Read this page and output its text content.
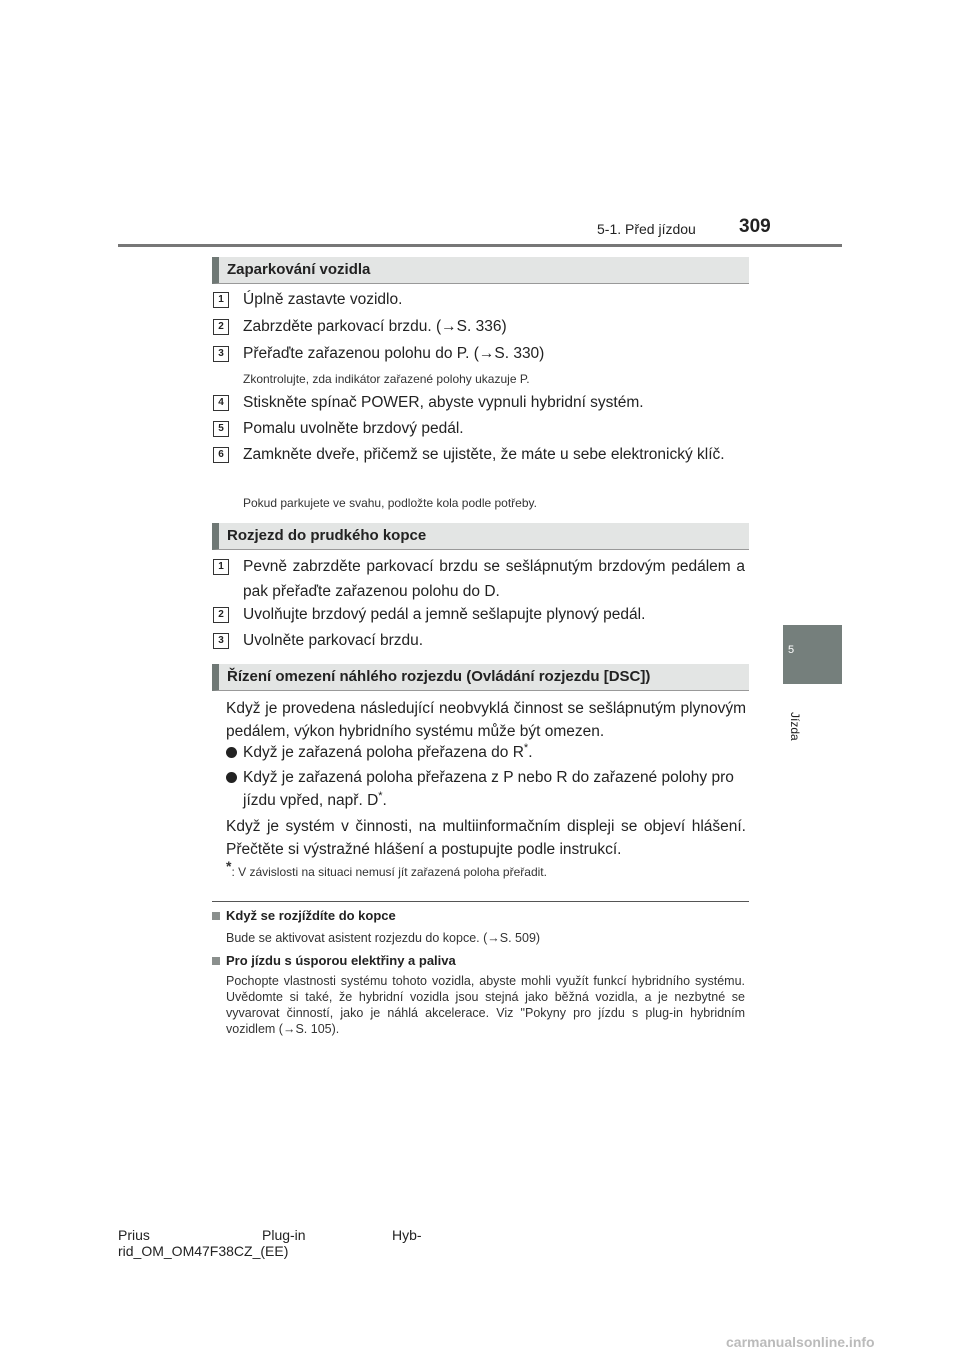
5-1. Před jízdou 309
5
Jízda
Zaparkování vozidla
1	Úplně zastavte vozidlo.
2	Zabrzděte parkovací brzdu. (→S. 336)
3	Přeřaďte zařazenou polohu do P. (→S. 330)
Zkontrolujte, zda indikátor zařazené polohy ukazuje P.
4	Stiskněte spínač POWER, abyste vypnuli hybridní systém.
5	Pomalu uvolněte brzdový pedál.
6	Zamkněte dveře, přičemž se ujistěte, že máte u sebe elektronický klíč.
Pokud parkujete ve svahu, podložte kola podle potřeby.
Rozjezd do prudkého kopce
1	Pevně zabrzděte parkovací brzdu se sešlápnutým brzdovým pedálem a pak přeřaďte zařazenou polohu do D.
2	Uvolňujte brzdový pedál a jemně sešlapujte plynový pedál.
3	Uvolněte parkovací brzdu.
Řízení omezení náhlého rozjezdu (Ovládání rozjezdu [DSC])
Když je provedena následující neobvyklá činnost se sešlápnutým plynovým pedálem, výkon hybridního systému může být omezen.
Když je zařazená poloha přeřazena do R*.
Když je zařazená poloha přeřazena z P nebo R do zařazené polohy pro jízdu vpřed, např. D*.
Když je systém v činnosti, na multiinformačním displeji se objeví hlášení. Přečtěte si výstražné hlášení a postupujte podle instrukcí.
*: V závislosti na situaci nemusí jít zařazená poloha přeřadit.
Když se rozjíždíte do kopce
Bude se aktivovat asistent rozjezdu do kopce. (→S. 509)
Pro jízdu s úsporou elektřiny a paliva
Pochopte vlastnosti systému tohoto vozidla, abyste mohli využít funkcí hybridního systému. Uvědomte si také, že hybridní vozidla jsou stejná jako běžná vozidla, a je nezbytné se vyvarovat činností, jako je náhlá akcelerace. Viz "Pokyny pro jízdu s plug-in hybridním vozidlem (→S. 105).
Prius	Plug-in	Hyb-
rid_OM_OM47F38CZ_(EE)
carmanualsonline.info
